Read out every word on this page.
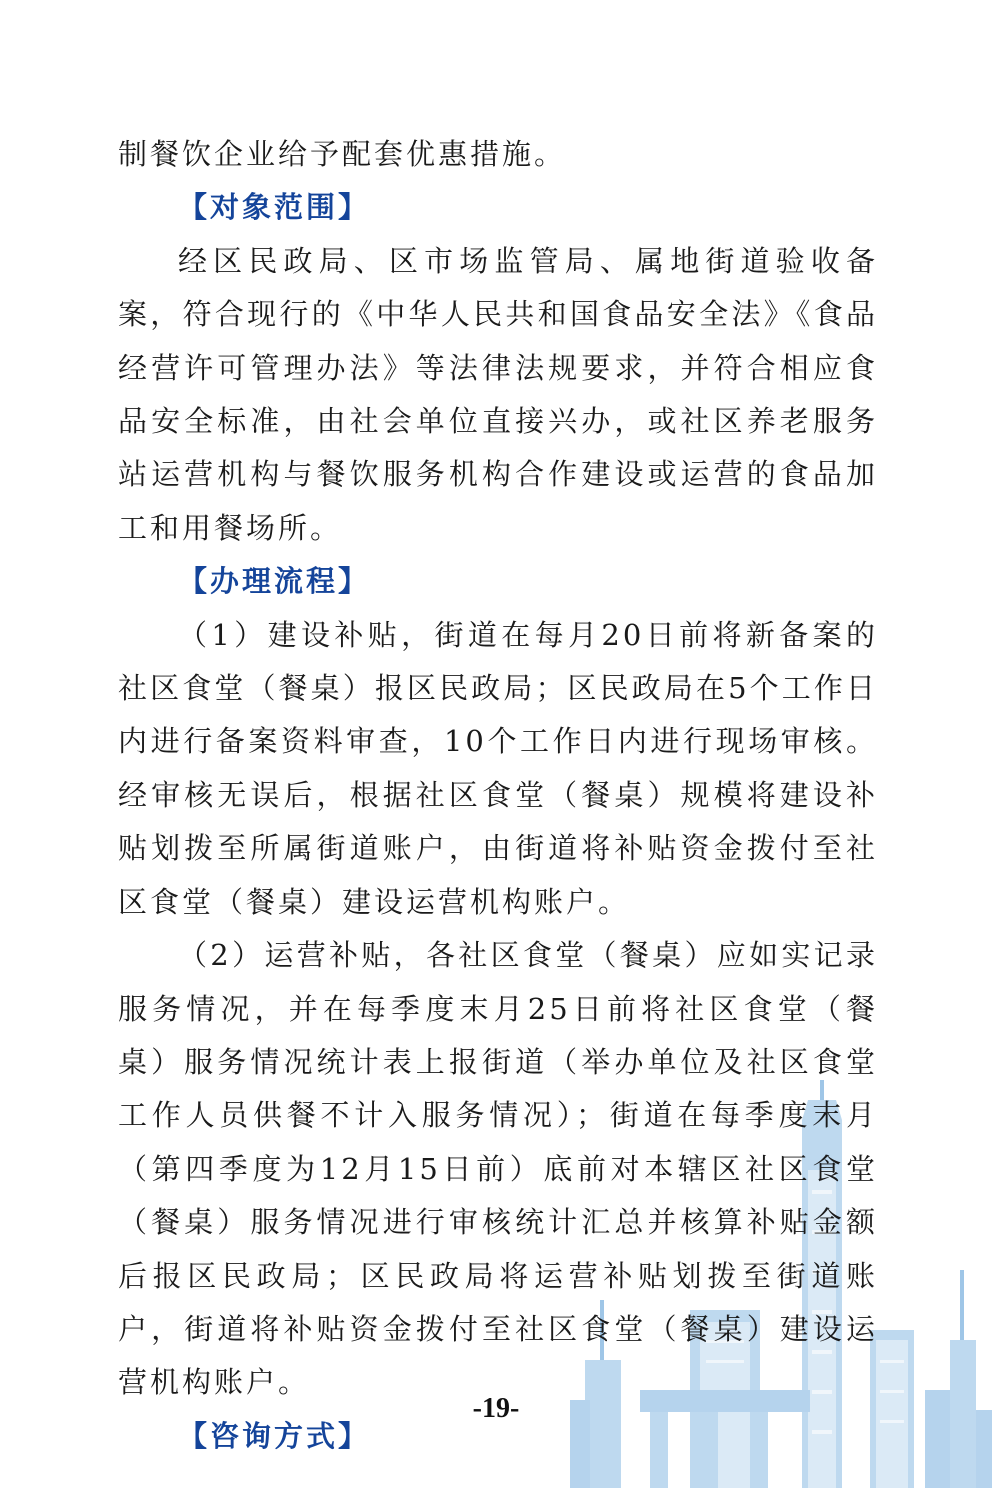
制餐饮企业给予配套优惠措施。

【对象范围】

经区民政局、区市场监管局、属地街道验收备案，符合现行的《中华人民共和国食品安全法》《食品经营许可管理办法》等法律法规要求，并符合相应食品安全标准，由社会单位直接兴办，或社区养老服务站运营机构与餐饮服务机构合作建设或运营的食品加工和用餐场所。

【办理流程】

（1）建设补贴，街道在每月20日前将新备案的社区食堂（餐桌）报区民政局；区民政局在5个工作日内进行备案资料审查，10个工作日内进行现场审核。经审核无误后，根据社区食堂（餐桌）规模将建设补贴划拨至所属街道账户，由街道将补贴资金拨付至社区食堂（餐桌）建设运营机构账户。

（2）运营补贴，各社区食堂（餐桌）应如实记录服务情况，并在每季度末月25日前将社区食堂（餐桌）服务情况统计表上报街道（举办单位及社区食堂工作人员供餐不计入服务情况）；街道在每季度末月（第四季度为12月15日前）底前对本辖区社区食堂（餐桌）服务情况进行审核统计汇总并核算补贴金额后报区民政局；区民政局将运营补贴划拨至街道账户，街道将补贴资金拨付至社区食堂（餐桌）建设运营机构账户。

【咨询方式】
-19-
